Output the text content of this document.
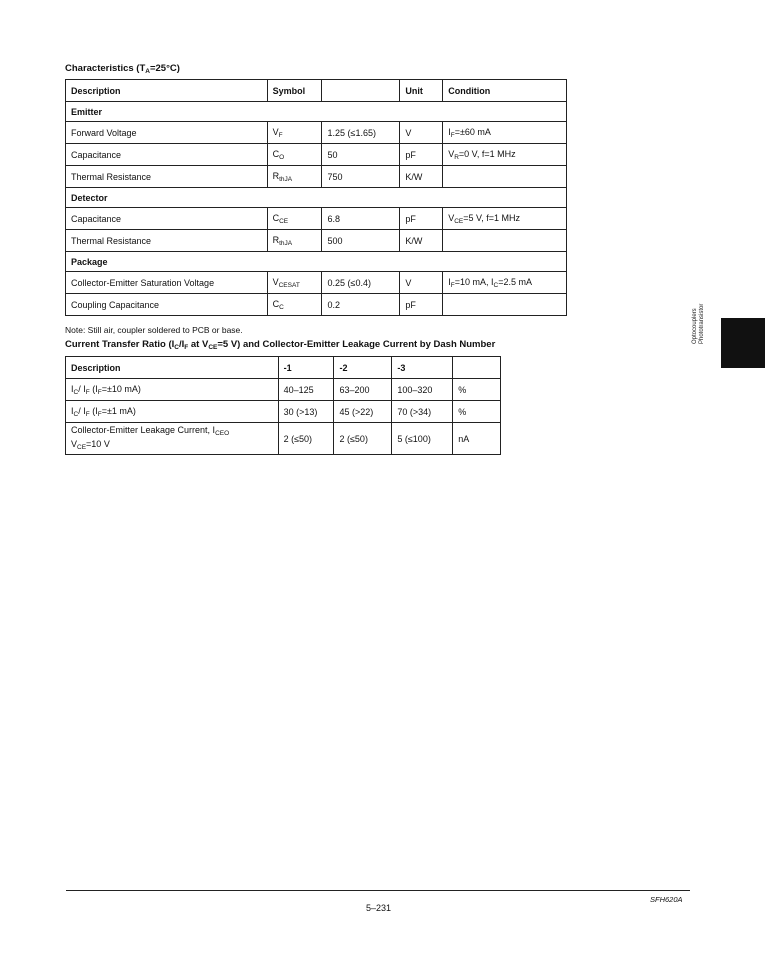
Characteristics $(T_A=25^\circ C)$
Description	Symbol		Unit	Condition
Emitter				
Forward Voltage	$V_F$	1.25 (≤1.65)	V	$I_F=\pm 60$ mA
Capacitance	$C_O$	50	pF	$V_R=0$ V, f=1 MHz
Thermal Resistance	$R_{thJA}$	750	K/W	
Detector				
Capacitance	$C_{CE}$	6.8	pF	$V_{CE}=5$ V, f=1 MHz
Thermal Resistance	$R_{thJA}$	500	K/W	
Package				
Collector-Emitter Saturation Voltage	$V_{CESAT}$	0.25 (≤0.4)	V	$I_F=10$ mA, $I_C=2.5$ mA
Coupling Capacitance	$C_C$	0.2	pF	
Note: Still air, coupler soldered to PCB or base.
Current Transfer Ratio ($I_C/I_F$ at $V_{CE}=5$ V) and Collector-Emitter Leakage Current by Dash Number
Description	-1	-2	-3	
$I_C/$ $I_F$ ($I_F=\pm 10$ mA)	40–125	63–200	100–320	%
$I_C/$ $I_F$ ($I_F=\pm 1$ mA)	30 (>13)	45 (>22)	70 (>34)	%
Collector-Emitter Leakage Current, $I_{CEO}$
$V_{CE}=10$ V	2 (≤50)	2 (≤50)	5 (≤100)	nA
Optocouplers
Phototransistor
SFH620A
5–231
